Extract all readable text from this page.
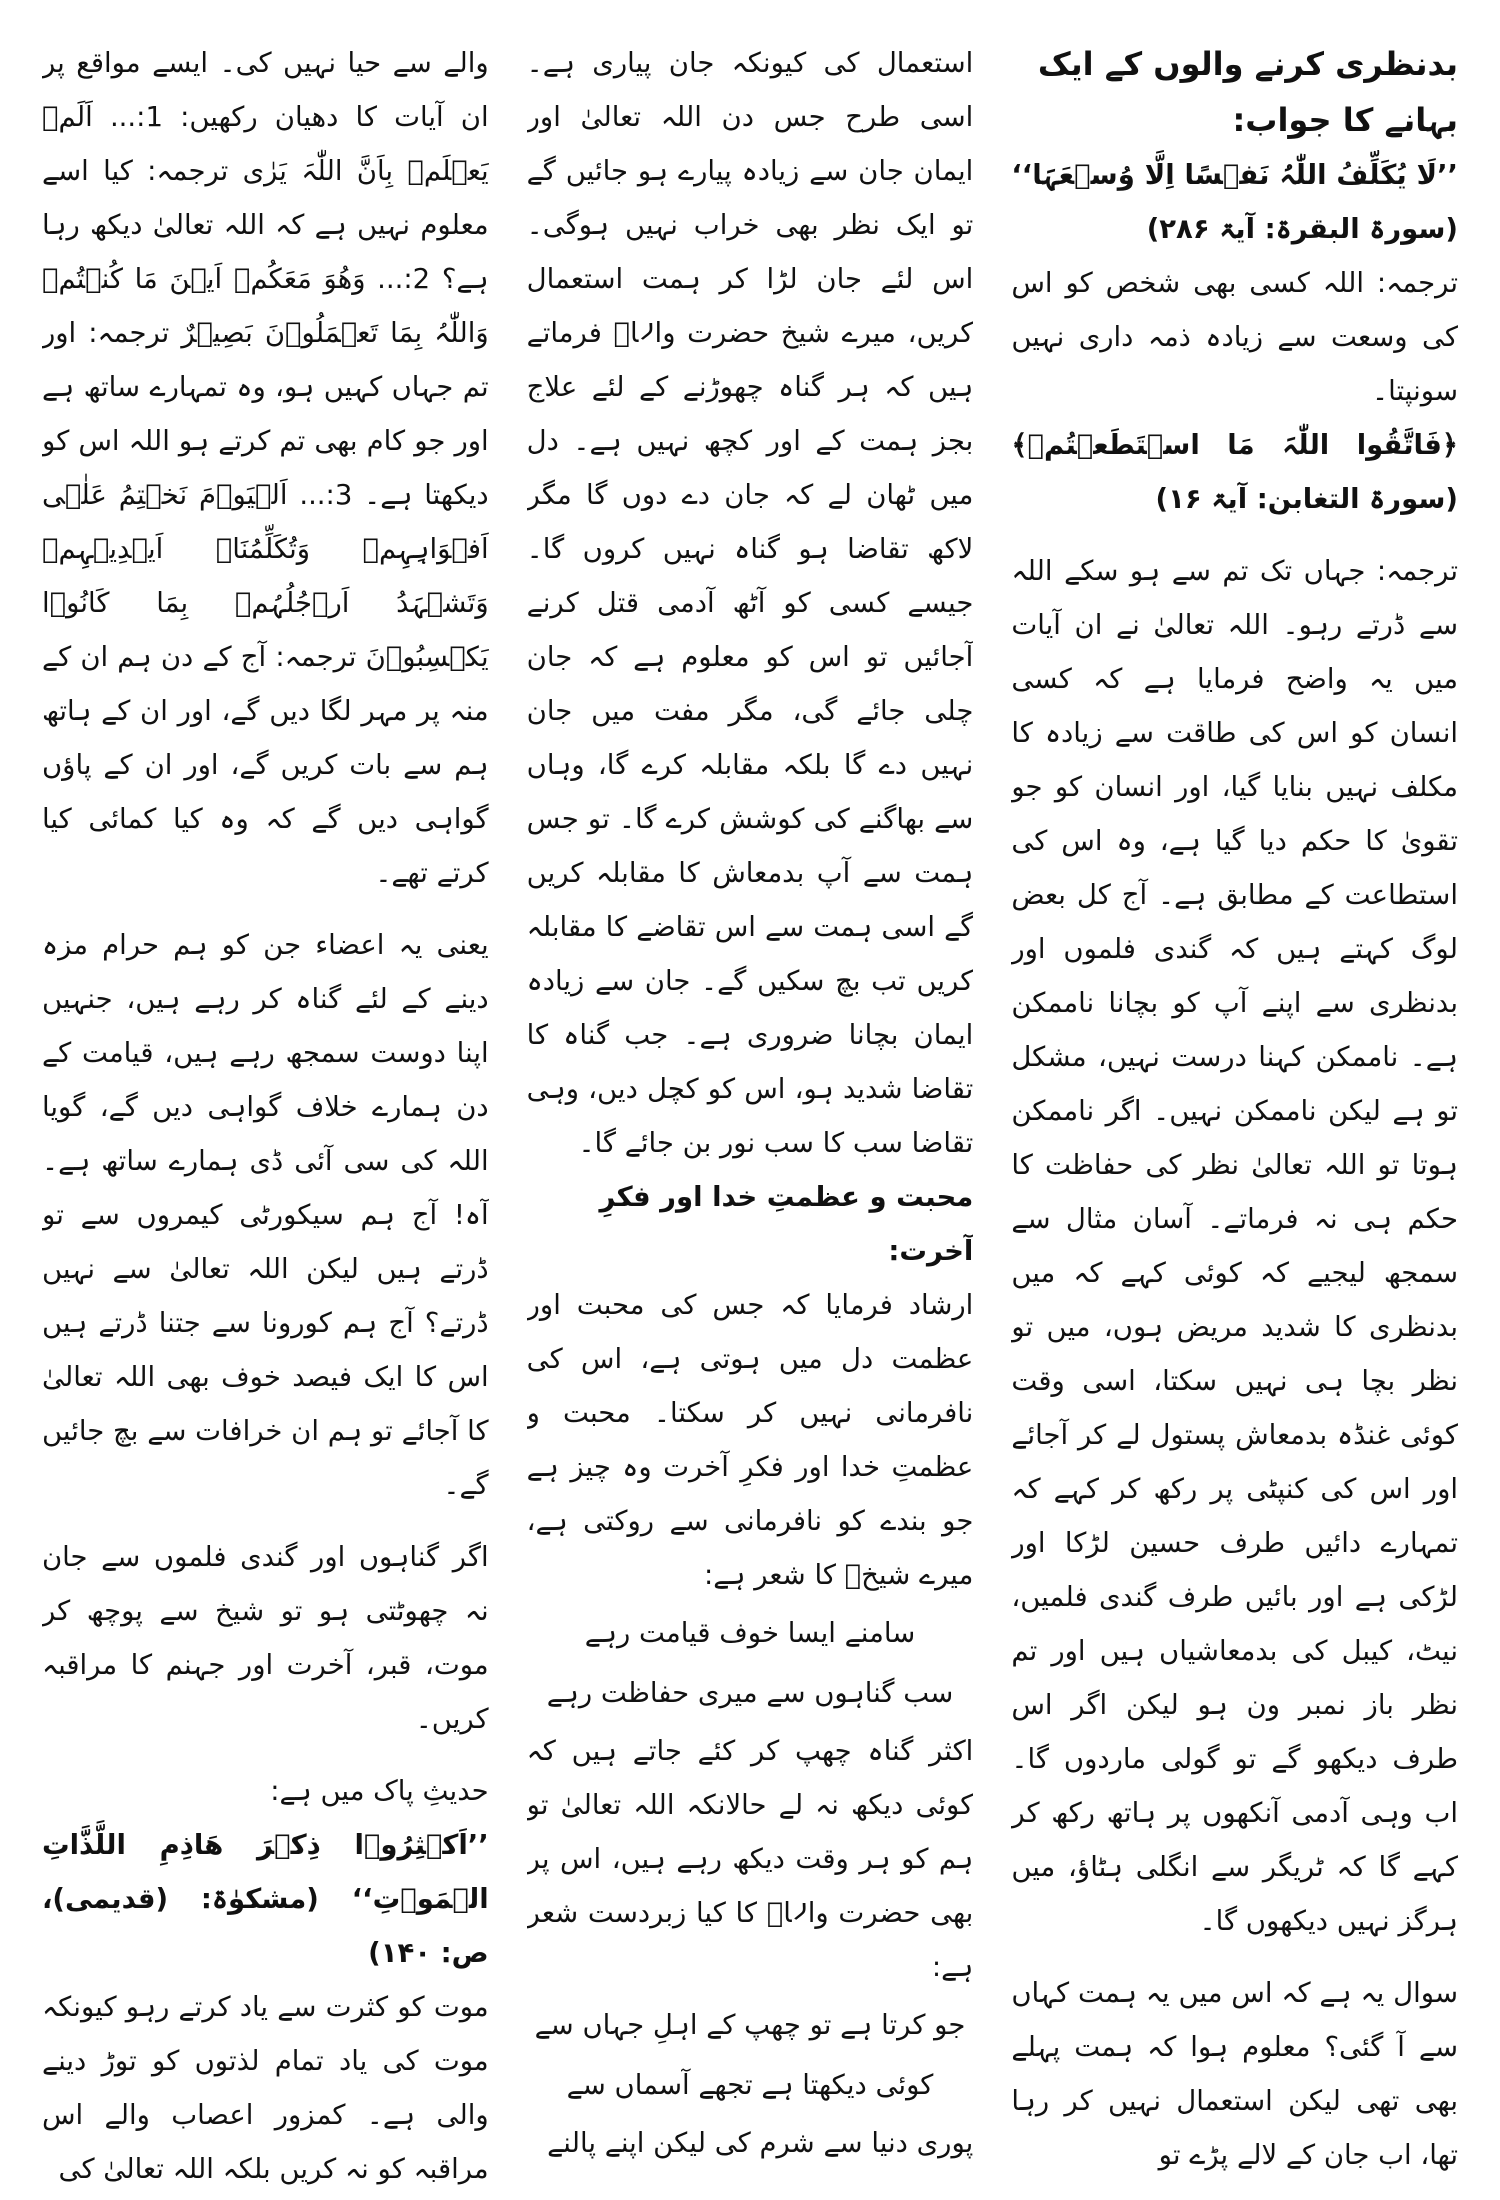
بدنظری کرنے والوں کے ایک بہانے کا جواب:

’’لَا یُکَلِّفُ اللّٰہُ نَفۡسًا اِلَّا وُسۡعَہَا‘‘ (سورۃ البقرۃ: آیۃ ۲۸۶)

ترجمہ: اللہ کسی بھی شخص کو اس کی وسعت سے زیادہ ذمہ داری نہیں سونپتا۔

﴿فَاتَّقُوا اللّٰہَ مَا اسۡتَطَعۡتُمۡ﴾ (سورۃ التغابن: آیۃ ۱۶)

ترجمہ: جہاں تک تم سے ہو سکے اللہ سے ڈرتے رہو۔ اللہ تعالیٰ نے ان آیات میں یہ واضح فرمایا ہے کہ کسی انسان کو اس کی طاقت سے زیادہ کا مکلف نہیں بنایا گیا، اور انسان کو جو تقویٰ کا حکم دیا گیا ہے، وہ اس کی استطاعت کے مطابق ہے۔ آج کل بعض لوگ کہتے ہیں کہ گندی فلموں اور بدنظری سے اپنے آپ کو بچانا ناممکن ہے۔ ناممکن کہنا درست نہیں، مشکل تو ہے لیکن ناممکن نہیں۔ اگر ناممکن ہوتا تو اللہ تعالیٰ نظر کی حفاظت کا حکم ہی نہ فرماتے۔ آسان مثال سے سمجھ لیجیے کہ کوئی کہے کہ میں بدنظری کا شدید مریض ہوں، میں تو نظر بچا ہی نہیں سکتا، اسی وقت کوئی غنڈہ بدمعاش پستول لے کر آجائے اور اس کی کنپٹی پر رکھ کر کہے کہ تمہارے دائیں طرف حسین لڑکا اور لڑکی ہے اور بائیں طرف گندی فلمیں، نیٹ، کیبل کی بدمعاشیاں ہیں اور تم نظر باز نمبر ون ہو لیکن اگر اس طرف دیکھو گے تو گولی ماردوں گا۔ اب وہی آدمی آنکھوں پر ہاتھ رکھ کر کہے گا کہ ٹریگر سے انگلی ہٹاؤ، میں ہرگز نہیں دیکھوں گا۔

سوال یہ ہے کہ اس میں یہ ہمت کہاں سے آ گئی؟ معلوم ہوا کہ ہمت پہلے بھی تھی لیکن استعمال نہیں کر رہا تھا، اب جان کے لالے پڑے تو

استعمال کی کیونکہ جان پیاری ہے۔ اسی طرح جس دن اللہ تعالیٰ اور ایمان جان سے زیادہ پیارے ہو جائیں گے تو ایک نظر بھی خراب نہیں ہوگی۔ اس لئے جان لڑا کر ہمت استعمال کریں، میرے شیخ حضرت والاؒ فرماتے ہیں کہ ہر گناہ چھوڑنے کے لئے علاج بجز ہمت کے اور کچھ نہیں ہے۔ دل میں ٹھان لے کہ جان دے دوں گا مگر لاکھ تقاضا ہو گناہ نہیں کروں گا۔ جیسے کسی کو آٹھ آدمی قتل کرنے آجائیں تو اس کو معلوم ہے کہ جان چلی جائے گی، مگر مفت میں جان نہیں دے گا بلکہ مقابلہ کرے گا، وہاں سے بھاگنے کی کوشش کرے گا۔ تو جس ہمت سے آپ بدمعاش کا مقابلہ کریں گے اسی ہمت سے اس تقاضے کا مقابلہ کریں تب بچ سکیں گے۔ جان سے زیادہ ایمان بچانا ضروری ہے۔ جب گناہ کا تقاضا شدید ہو، اس کو کچل دیں، وہی تقاضا سب کا سب نور بن جائے گا۔

محبت و عظمتِ خدا اور فکرِ آخرت:

ارشاد فرمایا کہ جس کی محبت اور عظمت دل میں ہوتی ہے، اس کی نافرمانی نہیں کر سکتا۔ محبت و عظمتِ خدا اور فکرِ آخرت وہ چیز ہے جو بندے کو نافرمانی سے روکتی ہے، میرے شیخؒ کا شعر ہے:

سامنے ایسا خوف قیامت رہے

سب گناہوں سے میری حفاظت رہے

اکثر گناہ چھپ کر کئے جاتے ہیں کہ کوئی دیکھ نہ لے حالانکہ اللہ تعالیٰ تو ہم کو ہر وقت دیکھ رہے ہیں، اس پر بھی حضرت والاؒ کا کیا زبردست شعر ہے:

جو کرتا ہے تو چھپ کے اہلِ جہاں سے

کوئی دیکھتا ہے تجھے آسماں سے

پوری دنیا سے شرم کی لیکن اپنے پالنے

والے سے حیا نہیں کی۔ ایسے مواقع پر ان آیات کا دھیان رکھیں: 1:... اَلَمۡ یَعۡلَمۡ بِاَنَّ اللّٰہَ یَرٰی ترجمہ: کیا اسے معلوم نہیں ہے کہ اللہ تعالیٰ دیکھ رہا ہے؟ 2:... وَھُوَ مَعَکُمۡ اَیۡنَ مَا کُنۡتُمۡ وَاللّٰہُ بِمَا تَعۡمَلُوۡنَ بَصِیۡرٌ ترجمہ: اور تم جہاں کہیں ہو، وہ تمہارے ساتھ ہے اور جو کام بھی تم کرتے ہو اللہ اس کو دیکھتا ہے۔ 3:... اَلۡیَوۡمَ نَخۡتِمُ عَلٰۤی اَفۡوَاہِہِمۡ وَتُکَلِّمُنَاۤ اَیۡدِیۡہِمۡ وَتَشۡہَدُ اَرۡجُلُہُمۡ بِمَا کَانُوۡا یَکۡسِبُوۡنَ ترجمہ: آج کے دن ہم ان کے منہ پر مہر لگا دیں گے، اور ان کے ہاتھ ہم سے بات کریں گے، اور ان کے پاؤں گواہی دیں گے کہ وہ کیا کمائی کیا کرتے تھے۔

یعنی یہ اعضاء جن کو ہم حرام مزہ دینے کے لئے گناہ کر رہے ہیں، جنہیں اپنا دوست سمجھ رہے ہیں، قیامت کے دن ہمارے خلاف گواہی دیں گے، گویا اللہ کی سی آئی ڈی ہمارے ساتھ ہے۔ آہ! آج ہم سیکورٹی کیمروں سے تو ڈرتے ہیں لیکن اللہ تعالیٰ سے نہیں ڈرتے؟ آج ہم کورونا سے جتنا ڈرتے ہیں اس کا ایک فیصد خوف بھی اللہ تعالیٰ کا آجائے تو ہم ان خرافات سے بچ جائیں گے۔

اگر گناہوں اور گندی فلموں سے جان نہ چھوٹتی ہو تو شیخ سے پوچھ کر موت، قبر، آخرت اور جہنم کا مراقبہ کریں۔

حدیثِ پاک میں ہے:

’’اَکۡثِرُوۡا ذِکۡرَ ھَاذِمِ اللَّذَّاتِ الۡمَوۡتِ‘‘ (مشکوٰۃ: (قدیمی)، ص: ۱۴۰)

موت کو کثرت سے یاد کرتے رہو کیونکہ موت کی یاد تمام لذتوں کو توڑ دینے والی ہے۔ کمزور اعصاب والے اس مراقبہ کو نہ کریں بلکہ اللہ تعالیٰ کی
